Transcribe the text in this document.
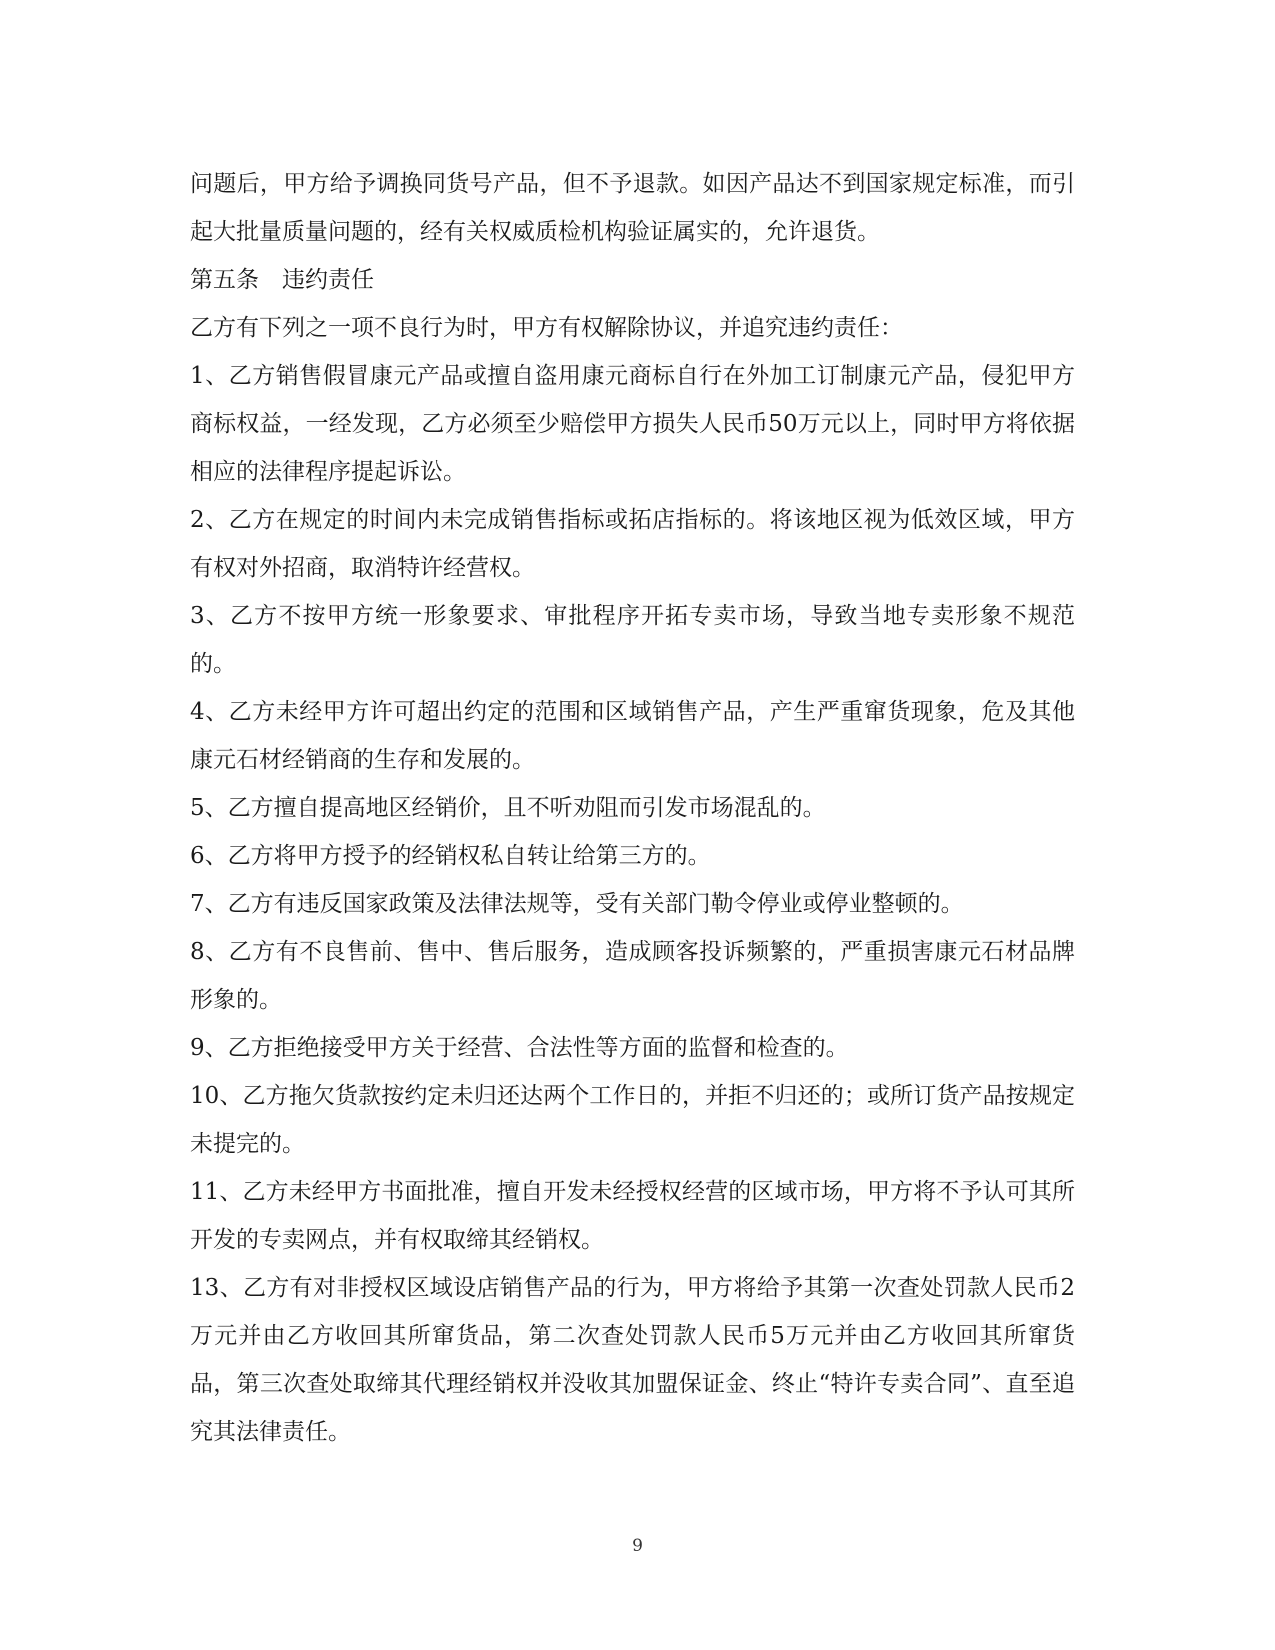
问题后，甲方给予调换同货号产品，但不予退款。如因产品达不到国家规定标准，而引起大批量质量问题的，经有关权威质检机构验证属实的，允许退货。

第五条　违约责任

乙方有下列之一项不良行为时，甲方有权解除协议，并追究违约责任：

1、乙方销售假冒康元产品或擅自盗用康元商标自行在外加工订制康元产品，侵犯甲方商标权益，一经发现，乙方必须至少赔偿甲方损失人民币50万元以上，同时甲方将依据相应的法律程序提起诉讼。

2、乙方在规定的时间内未完成销售指标或拓店指标的。将该地区视为低效区域，甲方有权对外招商，取消特许经营权。

3、乙方不按甲方统一形象要求、审批程序开拓专卖市场，导致当地专卖形象不规范的。

4、乙方未经甲方许可超出约定的范围和区域销售产品，产生严重窜货现象，危及其他康元石材经销商的生存和发展的。

5、乙方擅自提高地区经销价，且不听劝阻而引发市场混乱的。

6、乙方将甲方授予的经销权私自转让给第三方的。

7、乙方有违反国家政策及法律法规等，受有关部门勒令停业或停业整顿的。

8、乙方有不良售前、售中、售后服务，造成顾客投诉频繁的，严重损害康元石材品牌形象的。

9、乙方拒绝接受甲方关于经营、合法性等方面的监督和检查的。

10、乙方拖欠货款按约定未归还达两个工作日的，并拒不归还的；或所订货产品按规定未提完的。

11、乙方未经甲方书面批准，擅自开发未经授权经营的区域市场，甲方将不予认可其所开发的专卖网点，并有权取缔其经销权。

13、乙方有对非授权区域设店销售产品的行为，甲方将给予其第一次查处罚款人民币2万元并由乙方收回其所窜货品，第二次查处罚款人民币5万元并由乙方收回其所窜货品，第三次查处取缔其代理经销权并没收其加盟保证金、终止“特许专卖合同”、直至追究其法律责任。

9
